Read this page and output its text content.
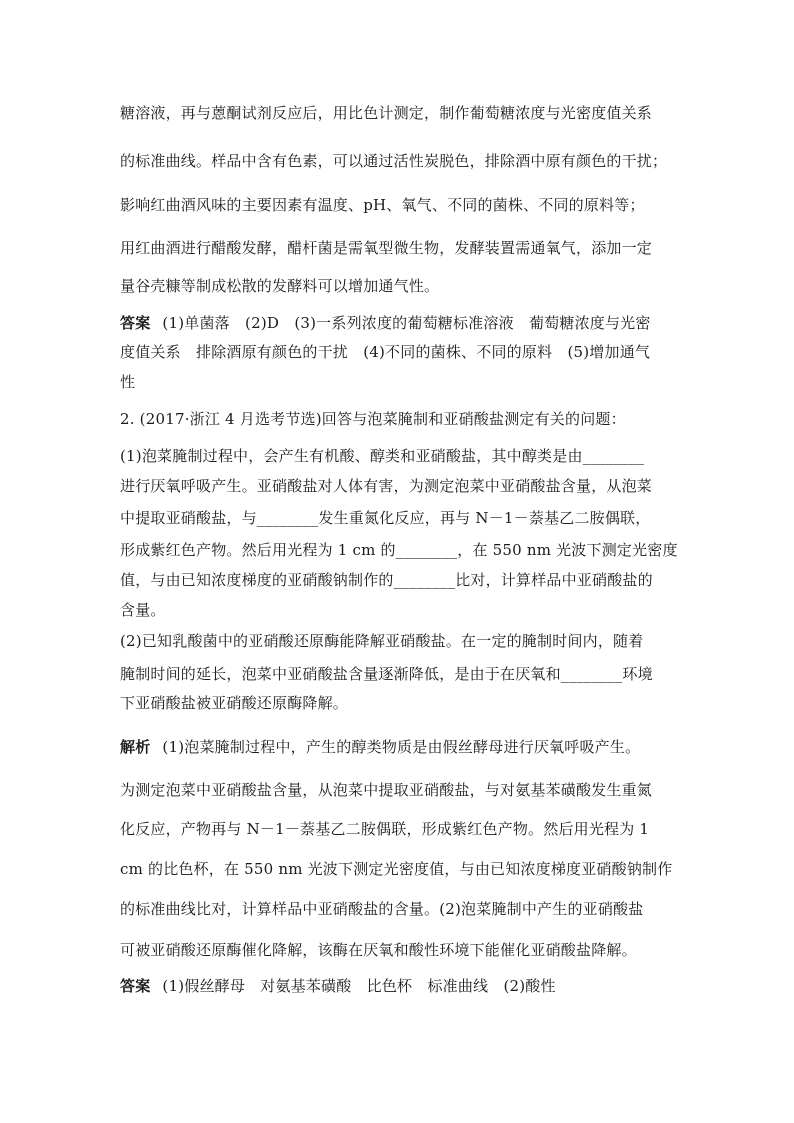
糖溶液，再与蒽酮试剂反应后，用比色计测定，制作葡萄糖浓度与光密度值关系
的标准曲线。样品中含有色素，可以通过活性炭脱色，排除酒中原有颜色的干扰；
影响红曲酒风味的主要因素有温度、pH、氧气、不同的菌株、不同的原料等；
用红曲酒进行醋酸发酵，醋杆菌是需氧型微生物，发酵装置需通氧气，添加一定
量谷壳糠等制成松散的发酵料可以增加通气性。
答案 (1)单菌落　(2)D　(3)一系列浓度的葡萄糖标准溶液　葡萄糖浓度与光密
度值关系　排除酒原有颜色的干扰　(4)不同的菌株、不同的原料　(5)增加通气
性
2. (2017·浙江 4 月选考节选)回答与泡菜腌制和亚硝酸盐测定有关的问题：
(1)泡菜腌制过程中，会产生有机酸、醇类和亚硝酸盐，其中醇类是由________
进行厌氧呼吸产生。亚硝酸盐对人体有害，为测定泡菜中亚硝酸盐含量，从泡菜
中提取亚硝酸盐，与________发生重氮化反应，再与 N－1－萘基乙二胺偶联，
形成紫红色产物。然后用光程为 1 cm 的________，在 550 nm 光波下测定光密度
值，与由已知浓度梯度的亚硝酸钠制作的________比对，计算样品中亚硝酸盐的
含量。
(2)已知乳酸菌中的亚硝酸还原酶能降解亚硝酸盐。在一定的腌制时间内，随着
腌制时间的延长，泡菜中亚硝酸盐含量逐渐降低，是由于在厌氧和________环境
下亚硝酸盐被亚硝酸还原酶降解。
解析 (1)泡菜腌制过程中，产生的醇类物质是由假丝酵母进行厌氧呼吸产生。
为测定泡菜中亚硝酸盐含量，从泡菜中提取亚硝酸盐，与对氨基苯磺酸发生重氮
化反应，产物再与 N－1－萘基乙二胺偶联，形成紫红色产物。然后用光程为 1
cm 的比色杯，在 550 nm 光波下测定光密度值，与由已知浓度梯度亚硝酸钠制作
的标准曲线比对，计算样品中亚硝酸盐的含量。(2)泡菜腌制中产生的亚硝酸盐
可被亚硝酸还原酶催化降解，该酶在厌氧和酸性环境下能催化亚硝酸盐降解。
答案 (1)假丝酵母　对氨基苯磺酸　比色杯　标准曲线　(2)酸性
